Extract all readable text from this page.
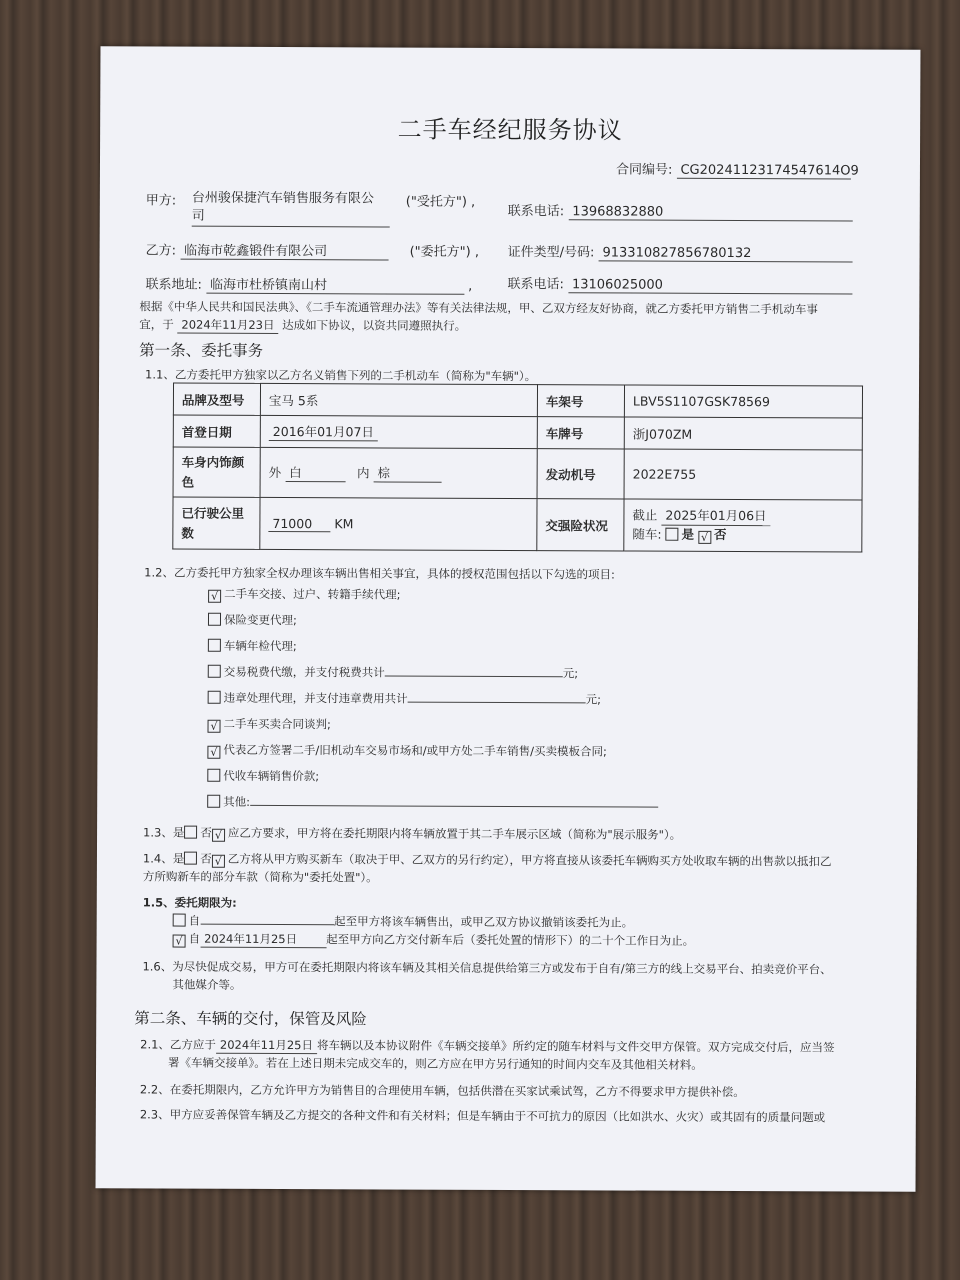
二手车经纪服务协议
合同编号: CG20241123174547614O9
甲方: 台州骏保捷汽车销售服务有限公
司
("受托方") ,
联系电话: 13968832880
乙方: 临海市乾鑫锻件有限公司	("委托方") , 证件类型/号码: 913310827856780132
联系地址: 临海市杜桥镇南山村	,	联系电话: 13106025000
根据《中华人民共和国民法典》、《二手车流通管理办法》等有关法律法规，甲、乙双方经友好协商，就乙方委托甲方销售二手机动车事
宜，于 2024年11月23日 达成如下协议，以资共同遵照执行。
第一条、委托事务
1.1、乙方委托甲方独家以乙方名义销售下列的二手机动车（简称为"车辆"）。
品牌及型号	宝马 5系	车架号	LBV5S1107GSK78569
首登日期	2016年01月07日	车牌号	浙J070ZM
车身内饰颜色	外 白 内 棕	发动机号	2022E755
已行驶公里数	71000 KM	交强险状况	截止 2025年01月06日
随车: 是 √ 否
1.2、乙方委托甲方独家全权办理该车辆出售相关事宜，具体的授权范围包括以下勾选的项目:
√ 二手车交接、过户、转籍手续代理;
保险变更代理;
车辆年检代理;
交易税费代缴，并支付税费共计	元;
违章处理代理，并支付违章费用共计	元;
√ 二手车买卖合同谈判;
√ 代表乙方签署二手/旧机动车交易市场和/或甲方处二手车销售/买卖模板合同;
代收车辆销售价款;
其他:
1.3、是 否 √ 应乙方要求，甲方将在委托期限内将车辆放置于其二手车展示区域（简称为"展示服务"）。
1.4、是 否 √ 乙方将从甲方购买新车（取决于甲、乙双方的另行约定），甲方将直接从该委托车辆购买方处收取车辆的出售款以抵扣乙
方所购新车的部分车款（简称为"委托处置"）。
1.5、委托期限为:
自	起至甲方将该车辆售出，或甲乙双方协议撤销该委托为止。
√ 自 2024年11月25日	起至甲方向乙方交付新车后（委托处置的情形下）的二十个工作日为止。
1.6、为尽快促成交易，甲方可在委托期限内将该车辆及其相关信息提供给第三方或发布于自有/第三方的线上交易平台、拍卖竞价平台、
其他媒介等。
第二条、车辆的交付，保管及风险
2.1、乙方应于 2024年11月25日 将车辆以及本协议附件《车辆交接单》所约定的随车材料与文件交甲方保管。双方完成交付后，应当签
署《车辆交接单》。若在上述日期未完成交车的，则乙方应在甲方另行通知的时间内交车及其他相关材料。
2.2、在委托期限内，乙方允许甲方为销售目的合理使用车辆，包括供潜在买家试乘试驾，乙方不得要求甲方提供补偿。
2.3、甲方应妥善保管车辆及乙方提交的各种文件和有关材料；但是车辆由于不可抗力的原因（比如洪水、火灾）或其固有的质量问题或
